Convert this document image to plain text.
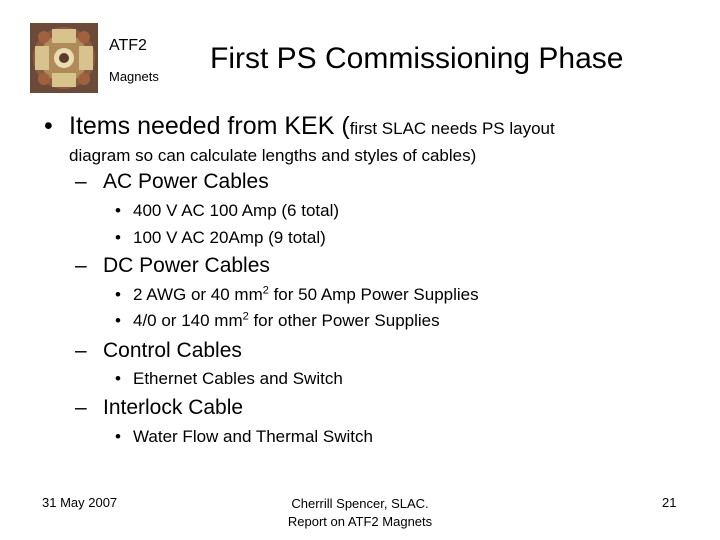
ATF2
Magnets
First PS Commissioning Phase
• Items needed from KEK (first SLAC needs PS layout
diagram so can calculate lengths and styles of cables)
– AC Power Cables
• 400 V AC 100 Amp (6 total)
• 100 V AC 20Amp (9 total)
– DC Power Cables
• 2 AWG or 40 $mm^2$ for 50 Amp Power Supplies
• 4/0 or 140 $mm^2$ for other Power Supplies
– Control Cables
• Ethernet Cables and Switch
– Interlock Cable
• Water Flow and Thermal Switch
31 May 2007	Cherrill Spencer, SLAC.
Report on ATF2 Magnets
21
